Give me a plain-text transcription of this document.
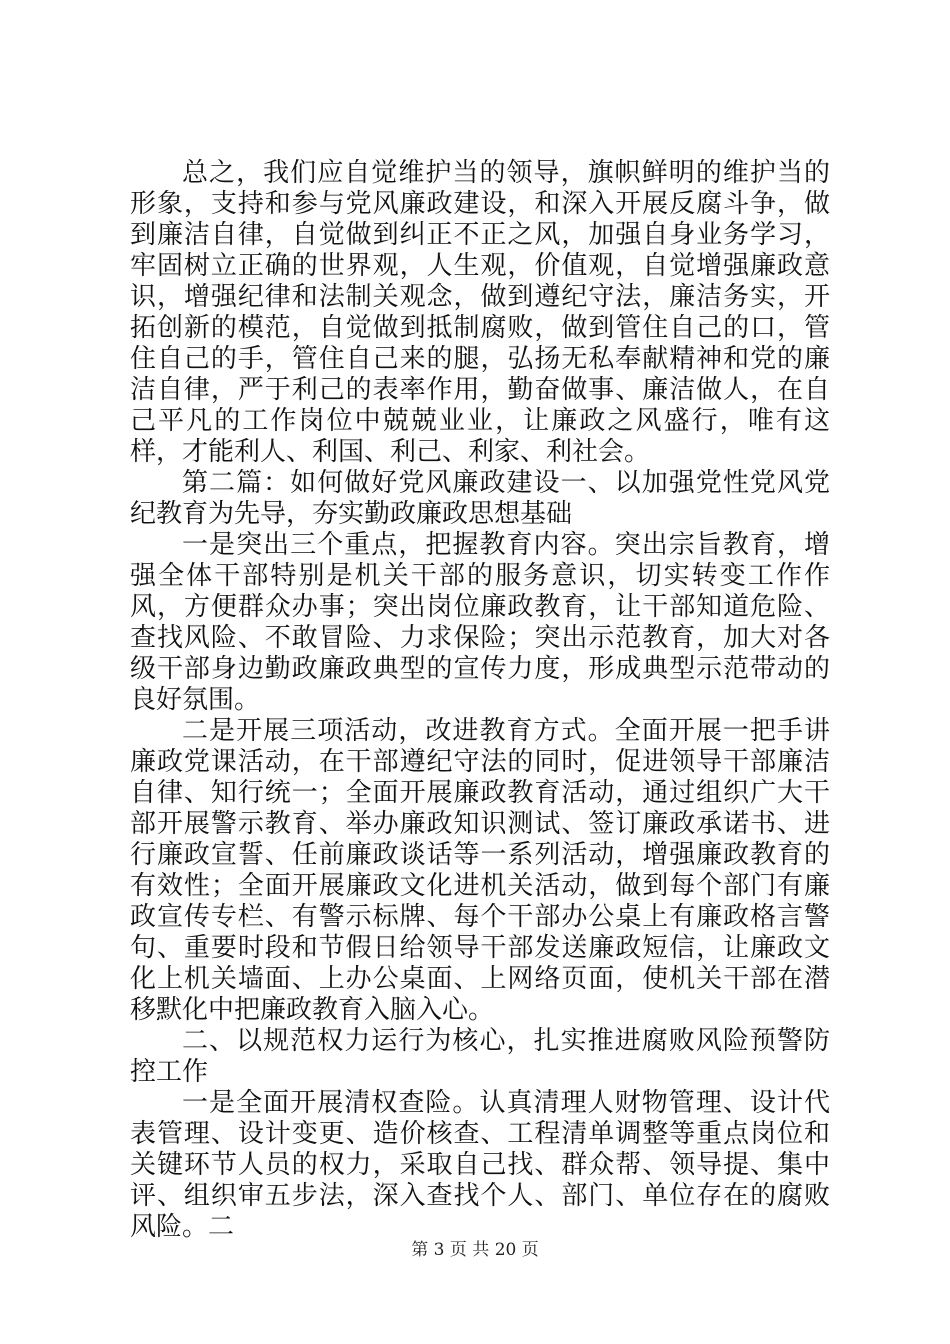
总之，我们应自觉维护当的领导，旗帜鲜明的维护当的形象，支持和参与党风廉政建设，和深入开展反腐斗争，做到廉洁自律，自觉做到纠正不正之风，加强自身业务学习，牢固树立正确的世界观，人生观，价值观，自觉增强廉政意识，增强纪律和法制关观念，做到遵纪守法，廉洁务实，开拓创新的模范，自觉做到抵制腐败，做到管住自己的口，管住自己的手，管住自己来的腿，弘扬无私奉献精神和党的廉洁自律，严于利己的表率作用，勤奋做事、廉洁做人，在自己平凡的工作岗位中兢兢业业，让廉政之风盛行，唯有这样，才能利人、利国、利己、利家、利社会。

第二篇：如何做好党风廉政建设一、以加强党性党风党纪教育为先导，夯实勤政廉政思想基础

一是突出三个重点，把握教育内容。突出宗旨教育，增强全体干部特别是机关干部的服务意识，切实转变工作作风，方便群众办事；突出岗位廉政教育，让干部知道危险、查找风险、不敢冒险、力求保险；突出示范教育，加大对各级干部身边勤政廉政典型的宣传力度，形成典型示范带动的良好氛围。

二是开展三项活动，改进教育方式。全面开展一把手讲廉政党课活动，在干部遵纪守法的同时，促进领导干部廉洁自律、知行统一；全面开展廉政教育活动，通过组织广大干部开展警示教育、举办廉政知识测试、签订廉政承诺书、进行廉政宣誓、任前廉政谈话等一系列活动，增强廉政教育的有效性；全面开展廉政文化进机关活动，做到每个部门有廉政宣传专栏、有警示标牌、每个干部办公桌上有廉政格言警句、重要时段和节假日给领导干部发送廉政短信，让廉政文化上机关墙面、上办公桌面、上网络页面，使机关干部在潜移默化中把廉政教育入脑入心。

二、以规范权力运行为核心，扎实推进腐败风险预警防控工作

一是全面开展清权查险。认真清理人财物管理、设计代表管理、设计变更、造价核查、工程清单调整等重点岗位和关键环节人员的权力，采取自己找、群众帮、领导提、集中评、组织审五步法，深入查找个人、部门、单位存在的腐败风险。二

第 3 页 共 20 页
